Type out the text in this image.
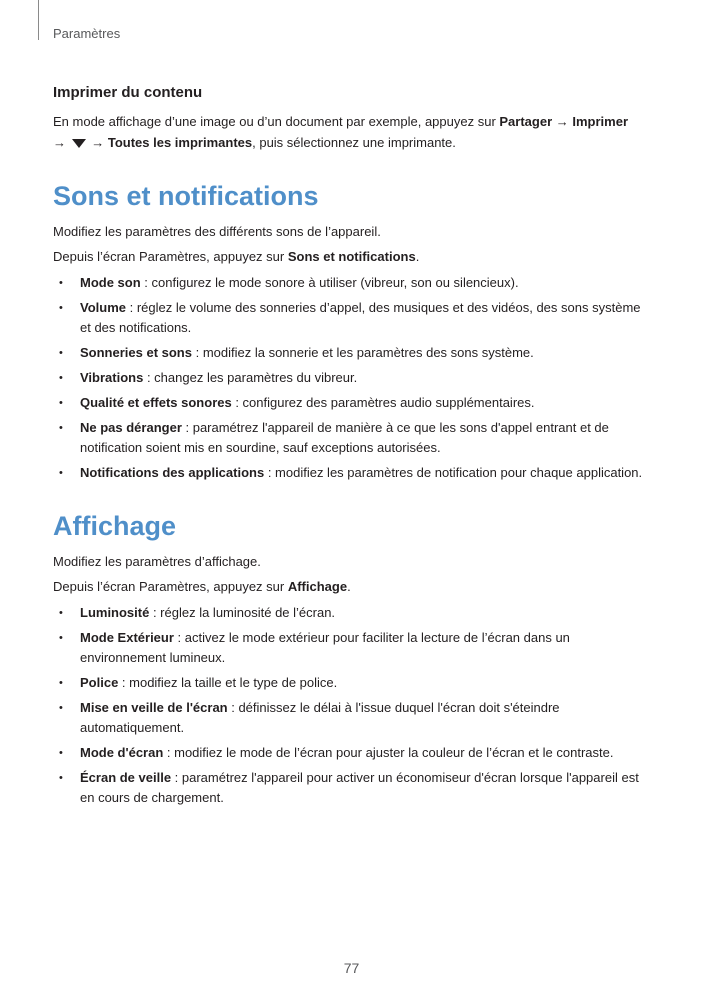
Paramètres
Imprimer du contenu

En mode affichage d’une image ou d’un document par exemple, appuyez sur Partager → Imprimer
→  → Toutes les imprimantes, puis sélectionnez une imprimante.

Sons et notifications

Modifiez les paramètres des différents sons de l’appareil.

Depuis l’écran Paramètres, appuyez sur Sons et notifications.

• Mode son : configurez le mode sonore à utiliser (vibreur, son ou silencieux).
• Volume : réglez le volume des sonneries d’appel, des musiques et des vidéos, des sons système et des notifications.
• Sonneries et sons : modifiez la sonnerie et les paramètres des sons système.
• Vibrations : changez les paramètres du vibreur.
• Qualité et effets sonores : configurez des paramètres audio supplémentaires.
• Ne pas déranger : paramétrez l'appareil de manière à ce que les sons d'appel entrant et de notification soient mis en sourdine, sauf exceptions autorisées.
• Notifications des applications : modifiez les paramètres de notification pour chaque application.
Affichage

Modifiez les paramètres d’affichage.

Depuis l’écran Paramètres, appuyez sur Affichage.

• Luminosité : réglez la luminosité de l’écran.
• Mode Extérieur : activez le mode extérieur pour faciliter la lecture de l’écran dans un environnement lumineux.
• Police : modifiez la taille et le type de police.
• Mise en veille de l'écran : définissez le délai à l'issue duquel l'écran doit s'éteindre automatiquement.
• Mode d'écran : modifiez le mode de l’écran pour ajuster la couleur de l’écran et le contraste.
• Écran de veille : paramétrez l'appareil pour activer un économiseur d'écran lorsque l'appareil est en cours de chargement.
77
